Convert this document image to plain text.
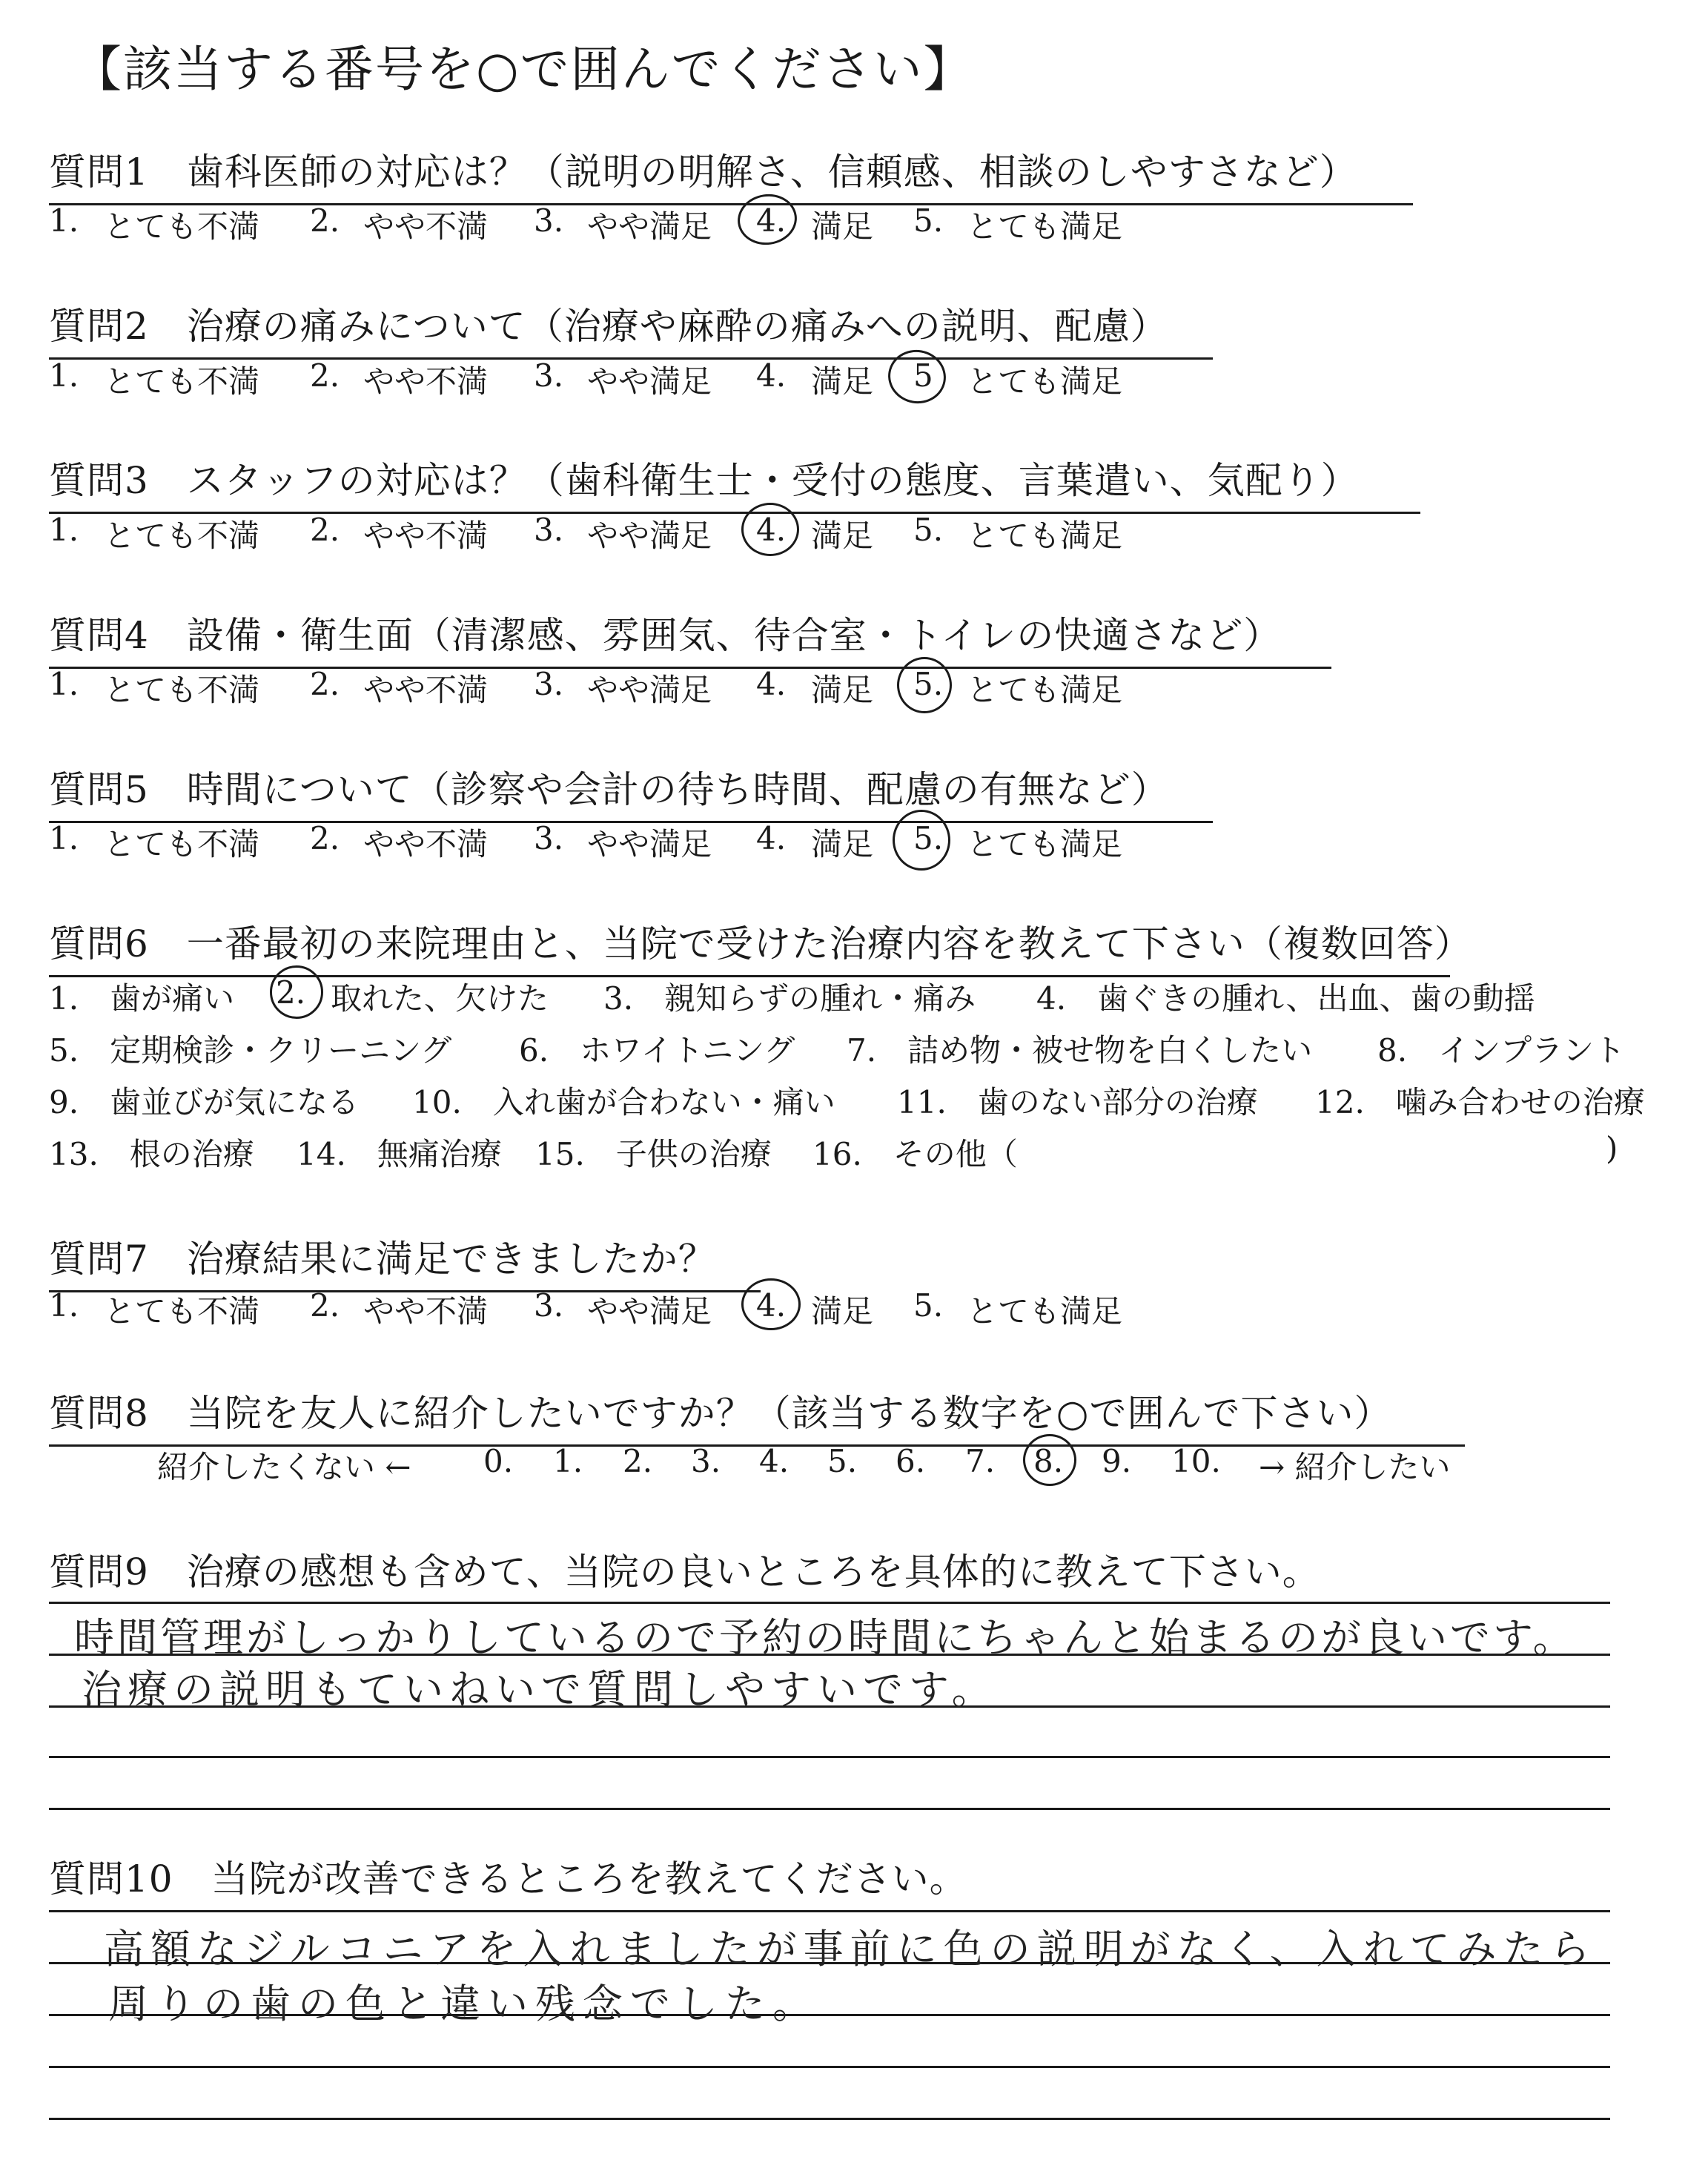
【該当する番号を○で囲んでください】
質問1　歯科医師の対応は？（説明の明解さ、信頼感、相談のしやすさなど）
1. とても不満 2. やや不満 3. やや満足 4. 満足 5. とても満足
質問2　治療の痛みについて（治療や麻酔の痛みへの説明、配慮）
1. とても不満 2. やや不満 3. やや満足 4. 満足 5 とても満足
質問3　スタッフの対応は？（歯科衛生士・受付の態度、言葉遣い、気配り）
1. とても不満 2. やや不満 3. やや満足 4. 満足 5. とても満足
質問4　設備・衛生面（清潔感、雰囲気、待合室・トイレの快適さなど）
1. とても不満 2. やや不満 3. やや満足 4. 満足 5. とても満足
質問5　時間について（診察や会計の待ち時間、配慮の有無など）
1. とても不満 2. やや不満 3. やや満足 4. 満足 5. とても満足
質問6　一番最初の来院理由と、当院で受けた治療内容を教えて下さい（複数回答）
1.　歯が痛い 2. 取れた、欠けた 3.　親知らずの腫れ・痛み 4.　歯ぐきの腫れ、出血、歯の動揺
5.　定期検診・クリーニング 6.　ホワイトニング 7.　詰め物・被せ物を白くしたい 8.　インプラント
9.　歯並びが気になる 10.　入れ歯が合わない・痛い 11.　歯のない部分の治療 12.　噛み合わせの治療
13.　根の治療 14.　無痛治療 15.　子供の治療 16.　その他（	)
質問7　治療結果に満足できましたか？
1. とても不満 2. やや不満 3. やや満足 4. 満足 5. とても満足
質問8　当院を友人に紹介したいですか？（該当する数字を○で囲んで下さい）
紹介したくない ← 0. 1. 2. 3. 4. 5. 6. 7. 8. 9. 10. → 紹介したい
質問9　治療の感想も含めて、当院の良いところを具体的に教えて下さい。
時間管理がしっかりしているので予約の時間にちゃんと始まるのが良いです。
治療の説明もていねいで質問しやすいです。
質問10　当院が改善できるところを教えてください。
高額なジルコニアを入れましたが事前に色の説明がなく、入れてみたら
周りの歯の色と違い残念でした。
